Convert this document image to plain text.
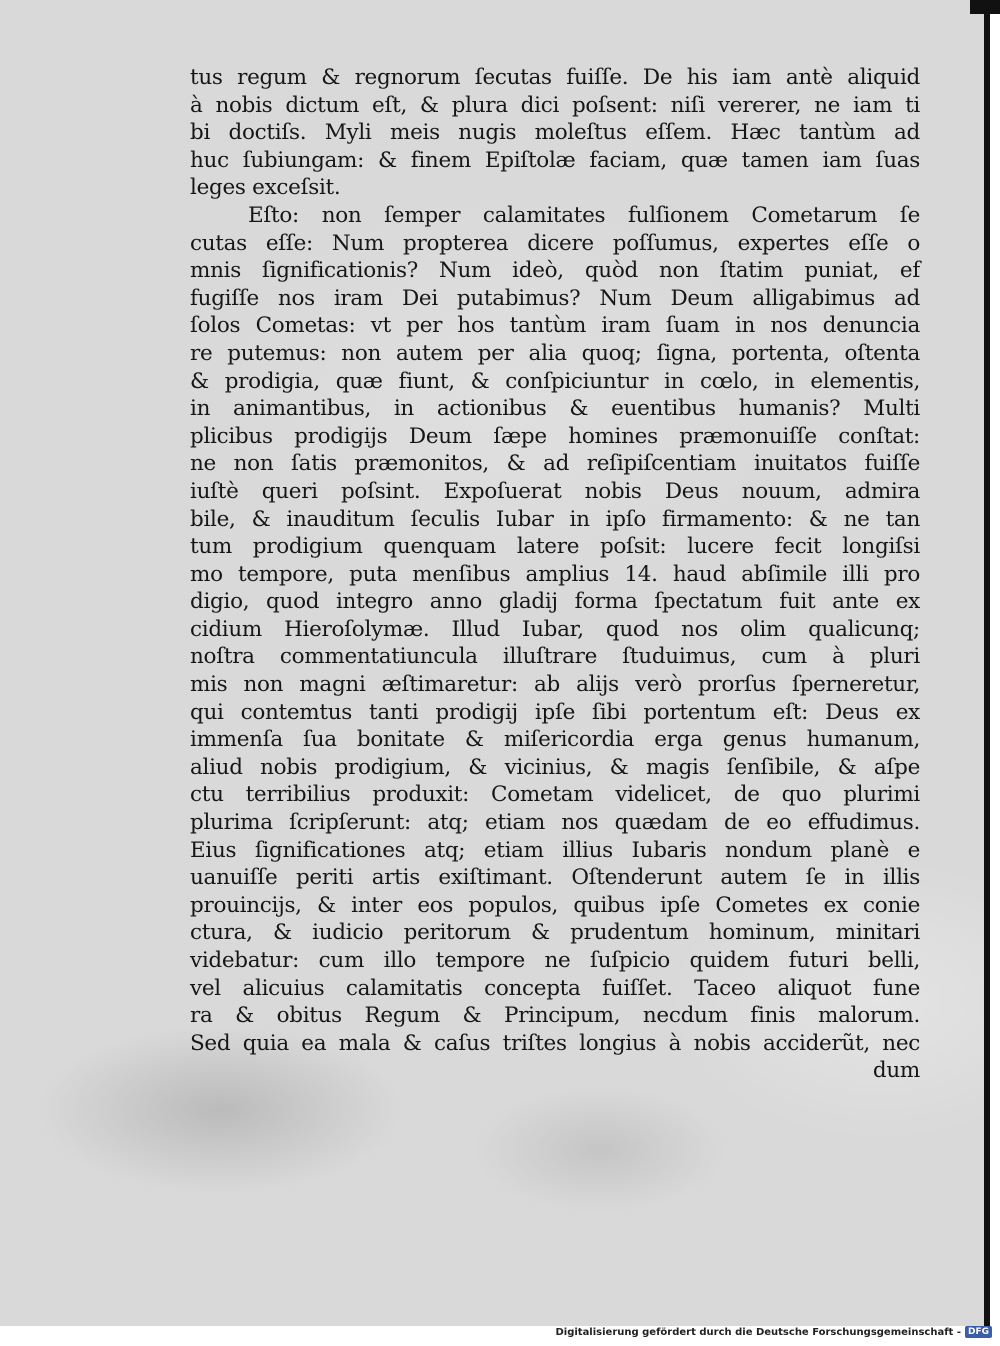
tus regum & regnorum ſecutas fuiſſe. De his iam antè aliquid
à nobis dictum eſt, & plura dici poſsent: niſi vererer, ne iam ti
bi doctiſs. Myli meis nugis moleſtus eſſem. Hæc tantùm ad
huc ſubiungam: & finem Epiſtolæ faciam, quæ tamen iam ſuas
leges exceſsit.
Eſto: non ſemper calamitates fulſionem Cometarum ſe
cutas eſſe: Num propterea dicere poſſumus, expertes eſſe o
mnis ſignificationis? Num ideò, quòd non ſtatim puniat, ef
fugiſſe nos iram Dei putabimus? Num Deum alligabimus ad
ſolos Cometas: vt per hos tantùm iram ſuam in nos denuncia
re putemus: non autem per alia quoq; ſigna, portenta, oſtenta
& prodigia, quæ fiunt, & conſpiciuntur in cœlo, in elementis,
in animantibus, in actionibus & euentibus humanis? Multi
plicibus prodigijs Deum ſæpe homines præmonuiſſe conſtat:
ne non ſatis præmonitos, & ad reſipiſcentiam inuitatos fuiſſe
iuſtè queri poſsint. Expoſuerat nobis Deus nouum, admira
bile, & inauditum ſeculis Iubar in ipſo firmamento: & ne tan
tum prodigium quenquam latere poſsit: lucere fecit longiſsi
mo tempore, puta menſibus amplius 14. haud abſimile illi pro
digio, quod integro anno gladij forma ſpectatum fuit ante ex
cidium Hieroſolymæ. Illud Iubar, quod nos olim qualicunq;
noſtra commentatiuncula illuſtrare ſtuduimus, cum à pluri
mis non magni æſtimaretur: ab alijs verò prorſus ſperneretur,
qui contemtus tanti prodigij ipſe ſibi portentum eſt: Deus ex
immenſa ſua bonitate & miſericordia erga genus humanum,
aliud nobis prodigium, & vicinius, & magis ſenſibile, & aſpe
ctu terribilius produxit: Cometam videlicet, de quo plurimi
plurima ſcripſerunt: atq; etiam nos quædam de eo effudimus.
Eius ſignificationes atq; etiam illius Iubaris nondum planè e
uanuiſſe periti artis exiſtimant. Oſtenderunt autem ſe in illis
prouincijs, & inter eos populos, quibus ipſe Cometes ex conie
ctura, & iudicio peritorum & prudentum hominum, minitari
videbatur: cum illo tempore ne ſuſpicio quidem futuri belli,
vel alicuius calamitatis concepta fuiſſet. Taceo aliquot fune
ra & obitus Regum & Principum, necdum finis malorum.
Sed quia ea mala & caſus triſtes longius à nobis acciderũt, nec
dum
Digitalisierung gefördert durch die Deutsche Forschungsgemeinschaft - DFG
